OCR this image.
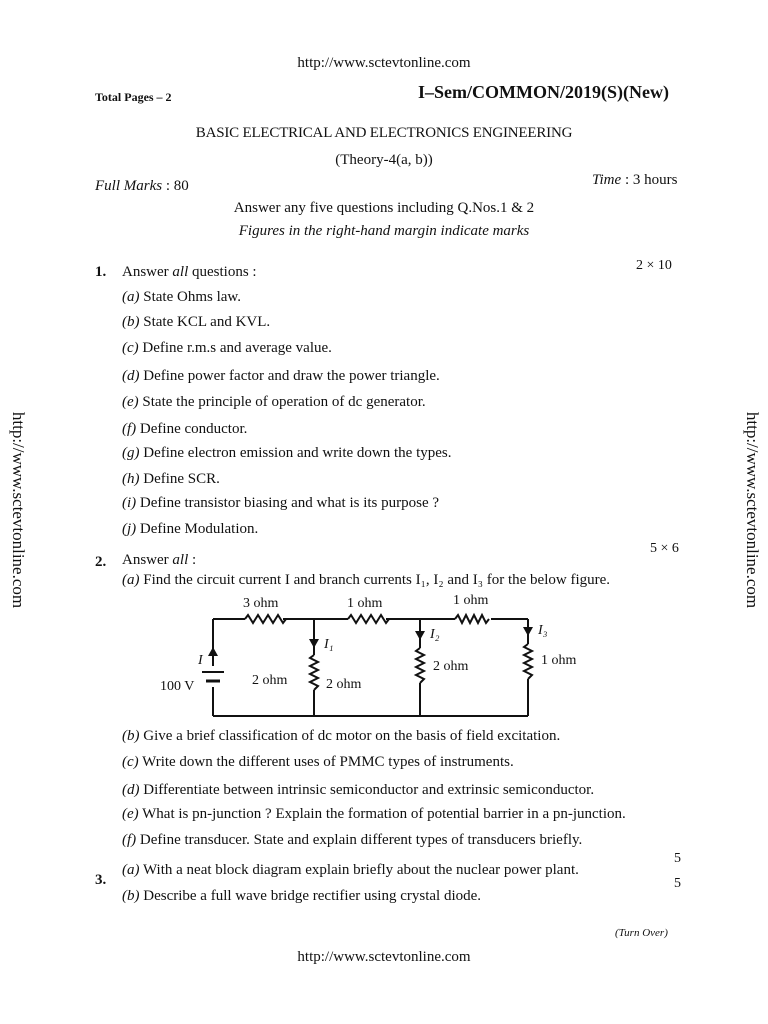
http://www.sctevtonline.com
http://www.sctevtonline.com
http://www.sctevtonline.com	http://www.sctevtonline.com
Total Pages – 2	I–Sem/COMMON/2019(S)(New)
BASIC ELECTRICAL AND ELECTRONICS ENGINEERING
(Theory-4(a, b))
Full Marks : 80	Time : 3 hours
Answer any five questions including Q.Nos.1 & 2
Figures in the right-hand margin indicate marks
1. Answer all questions :	2 × 10
(a) State Ohms law.
(b) State KCL and KVL.
(c) Define r.m.s and average value.
(d) Define power factor and draw the power triangle.
(e) State the principle of operation of dc generator.
(f) Define conductor.
(g) Define electron emission and write down the types.
(h) Define SCR.
(i) Define transistor biasing and what is its purpose ?
(j) Define Modulation.
2. Answer all :
5 × 6
(a) Find the circuit current I and branch currents I₁, I₂ and I₃ for the below figure.
3 ohm	1 ohm	1 ohm
2 ohm	2 ohm
2 ohm	1 ohm
100 V
I
I₁
I₂	I₃
(b) Give a brief classification of dc motor on the basis of field excitation.
(c) Write down the different uses of PMMC types of instruments.
(d) Differentiate between intrinsic semiconductor and extrinsic semiconductor.
(e) What is pn-junction ? Explain the formation of potential barrier in a pn-junction.
(f) Define transducer. State and explain different types of transducers briefly.
3.
(a) With a neat block diagram explain briefly about the nuclear power plant.
5
(b) Describe a full wave bridge rectifier using crystal diode.
5
(Turn Over)
